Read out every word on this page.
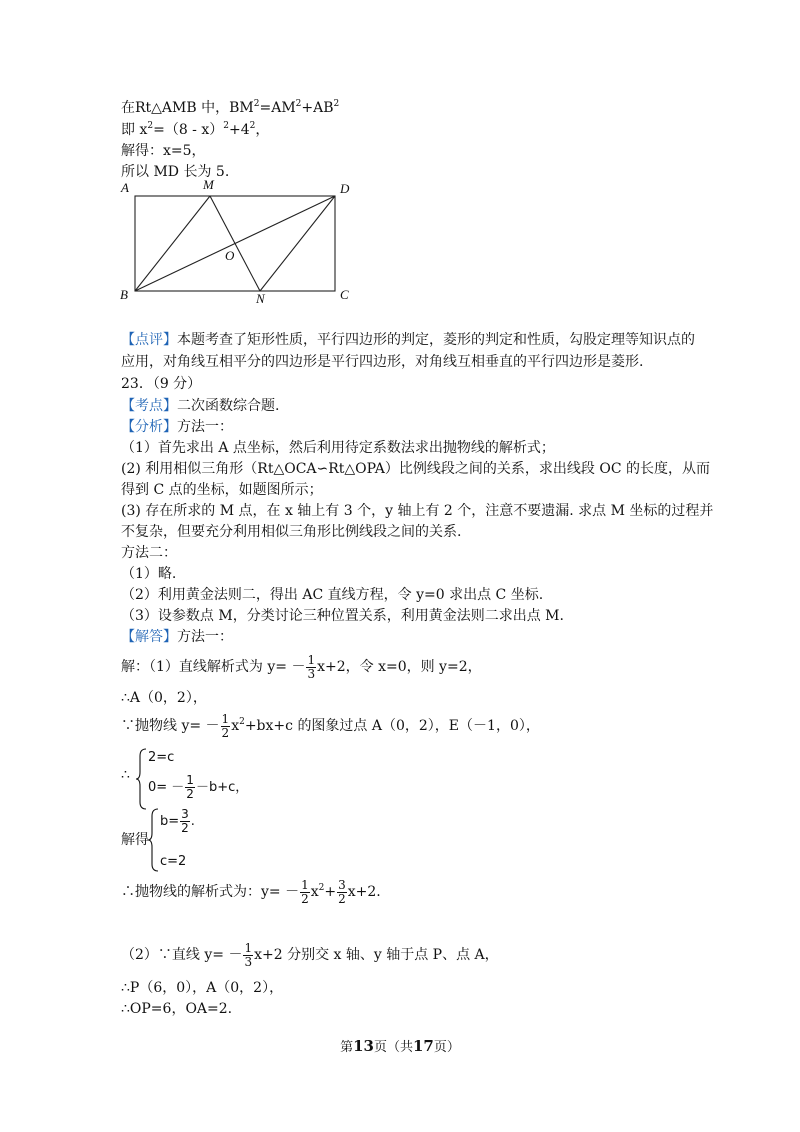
在Rt△AMB 中，$BM^2=AM^2+AB^2$
即 $x^2=(8 - x)^2+4^2$，
解得：x=5，
所以 MD 长为 5.
A	M	D
B	N	C
O
【点评】本题考查了矩形性质，平行四边形的判定，菱形的判定和性质，勾股定理等知识点的
应用，对角线互相平分的四边形是平行四边形，对角线互相垂直的平行四边形是菱形.
23．（9 分）
【考点】二次函数综合题.
【分析】方法一：
（1）首先求出 A 点坐标，然后利用待定系数法求出抛物线的解析式；
(2) 利用相似三角形（Rt△OCA∽Rt△OPA）比例线段之间的关系，求出线段 OC 的长度，从而
得到 C 点的坐标，如题图所示；
(3) 存在所求的 M 点，在 x 轴上有 3 个，y 轴上有 2 个，注意不要遗漏. 求点 M 坐标的过程并
不复杂，但要充分利用相似三角形比例线段之间的关系.
方法二：
（1）略.
（2）利用黄金法则二，得出 AC 直线方程，令 y=0 求出点 C 坐标.
（3）设参数点 M，分类讨论三种位置关系，利用黄金法则二求出点 M.
【解答】方法一：
解：（1）直线解析式为 $y= - \frac{1}{3} x+2$，令 x=0，则 y=2，
∴A（0，2），
∵抛物线 $y= - \frac{1}{2} x^2+bx+c$ 的图象过点 A（0，2），E（－1，0），
∴
2=c
$0= - \frac{1}{2} -b+c$，
解得
$b= \frac{3}{2}$ .
c=2
∴抛物线的解析式为：$y= - \frac{1}{2} x^2+ \frac{3}{2} x+2$.
（2）∵直线 $y= - \frac{1}{3} x+2$ 分别交 x 轴、y 轴于点 P、点 A，
∴P（6，0），A（0，2），
∴OP=6，OA=2.
第13页（共17页）
